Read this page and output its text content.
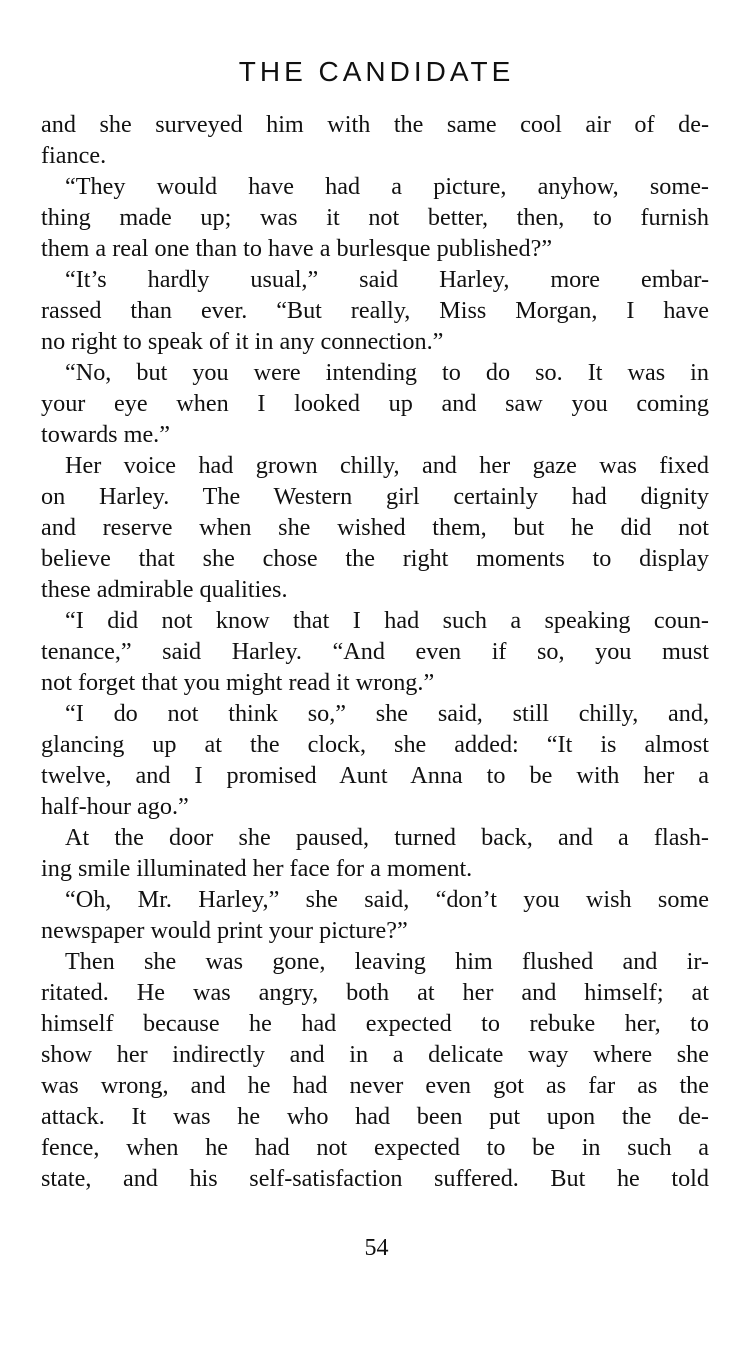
THE CANDIDATE
and she surveyed him with the same cool air of de-
fiance.
“They would have had a picture, anyhow, some-
thing made up; was it not better, then, to furnish
them a real one than to have a burlesque published?”
“It’s hardly usual,” said Harley, more embar-
rassed than ever. “But really, Miss Morgan, I have
no right to speak of it in any connection.”
“No, but you were intending to do so. It was in
your eye when I looked up and saw you coming
towards me.”
Her voice had grown chilly, and her gaze was fixed
on Harley. The Western girl certainly had dignity
and reserve when she wished them, but he did not
believe that she chose the right moments to display
these admirable qualities.
“I did not know that I had such a speaking coun-
tenance,” said Harley. “And even if so, you must
not forget that you might read it wrong.”
“I do not think so,” she said, still chilly, and,
glancing up at the clock, she added: “It is almost
twelve, and I promised Aunt Anna to be with her a
half-hour ago.”
At the door she paused, turned back, and a flash-
ing smile illuminated her face for a moment.
“Oh, Mr. Harley,” she said, “don’t you wish some
newspaper would print your picture?”
Then she was gone, leaving him flushed and ir-
ritated. He was angry, both at her and himself; at
himself because he had expected to rebuke her, to
show her indirectly and in a delicate way where she
was wrong, and he had never even got as far as the
attack. It was he who had been put upon the de-
fence, when he had not expected to be in such a
state, and his self-satisfaction suffered. But he told
54
